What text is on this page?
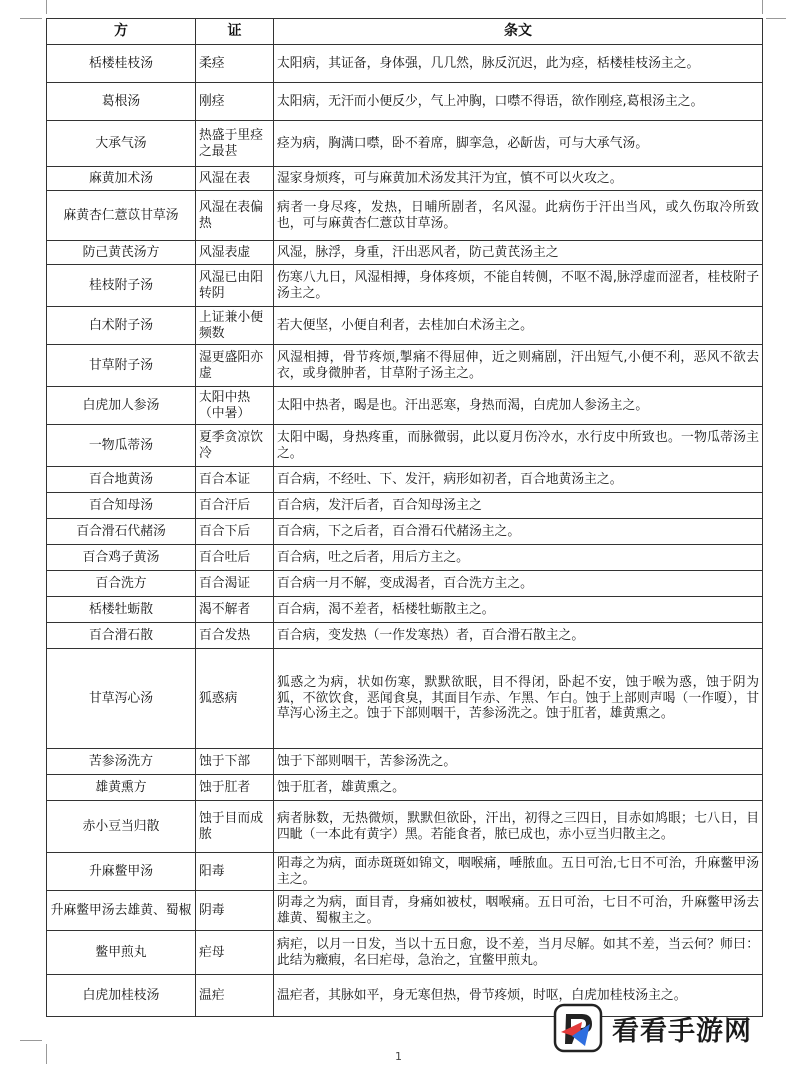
方	证	条文
栝楼桂枝汤	柔痉	太阳病，其证备，身体强，几几然，脉反沉迟，此为痉，栝楼桂枝汤主之。
葛根汤	刚痉	太阳病，无汗而小便反少，气上冲胸，口噤不得语，欲作刚痉,葛根汤主之。
大承气汤	热盛于里痉之最甚	痉为病，胸满口噤，卧不着席，脚挛急，必龂齿，可与大承气汤。
麻黄加术汤	风湿在表	湿家身烦疼，可与麻黄加术汤发其汗为宜，慎不可以火攻之。
麻黄杏仁薏苡甘草汤	风湿在表偏热	病者一身尽疼，发热，日晡所剧者，名风湿。此病伤于汗出当风，或久伤取冷所致也，可与麻黄杏仁薏苡甘草汤。
防己黄芪汤方	风湿表虚	风湿，脉浮，身重，汗出恶风者，防己黄芪汤主之
桂枝附子汤	风湿已由阳转阴	伤寒八九日，风湿相搏，身体疼烦，不能自转侧，不呕不渴,脉浮虚而涩者，桂枝附子汤主之。
白术附子汤	上证兼小便频数	若大便坚，小便自利者，去桂加白术汤主之。
甘草附子汤	湿更盛阳亦虚	风湿相搏，骨节疼烦,掣痛不得屈伸，近之则痛剧，汗出短气,小便不利，恶风不欲去衣，或身微肿者，甘草附子汤主之。
白虎加人参汤	太阳中热（中暑）	太阳中热者，暍是也。汗出恶寒，身热而渴，白虎加人参汤主之。
一物瓜蒂汤	夏季贪凉饮冷	太阳中暍，身热疼重，而脉微弱，此以夏月伤冷水，水行皮中所致也。一物瓜蒂汤主之。
百合地黄汤	百合本证	百合病，不经吐、下、发汗，病形如初者，百合地黄汤主之。
百合知母汤	百合汗后	百合病，发汗后者，百合知母汤主之
百合滑石代赭汤	百合下后	百合病，下之后者，百合滑石代赭汤主之。
百合鸡子黄汤	百合吐后	百合病，吐之后者，用后方主之。
百合洗方	百合渴证	百合病一月不解，变成渴者，百合洗方主之。
栝楼牡蛎散	渴不解者	百合病，渴不差者，栝楼牡蛎散主之。
百合滑石散	百合发热	百合病，变发热（一作发寒热）者，百合滑石散主之。
甘草泻心汤	狐惑病	狐惑之为病，状如伤寒，默默欲眠，目不得闭，卧起不安，蚀于喉为惑，蚀于阴为狐，不欲饮食，恶闻食臭，其面目乍赤、乍黑、乍白。蚀于上部则声喝（一作嗄），甘草泻心汤主之。蚀于下部则咽干，苦参汤洗之。蚀于肛者，雄黄熏之。
苦参汤洗方	蚀于下部	蚀于下部则咽干，苦参汤洗之。
雄黄熏方	蚀于肛者	蚀于肛者，雄黄熏之。
赤小豆当归散	蚀于目而成脓	病者脉数，无热微烦，默默但欲卧，汗出，初得之三四日，目赤如鸠眼；七八日，目四眦（一本此有黄字）黑。若能食者，脓已成也，赤小豆当归散主之。
升麻鳖甲汤	阳毒	阳毒之为病，面赤斑斑如锦文，咽喉痛，唾脓血。五日可治,七日不可治，升麻鳖甲汤主之。
升麻鳖甲汤去雄黄、蜀椒	阴毒	阴毒之为病，面目青，身痛如被杖，咽喉痛。五日可治，七日不可治，升麻鳖甲汤去雄黄、蜀椒主之。
鳖甲煎丸	疟母	病疟，以月一日发，当以十五日愈，设不差，当月尽解。如其不差，当云何？师曰：此结为癥瘕，名曰疟母，急治之，宜鳖甲煎丸。
白虎加桂枝汤	温疟	温疟者，其脉如平，身无寒但热，骨节疼烦，时呕，白虎加桂枝汤主之。
1
看看手游网
